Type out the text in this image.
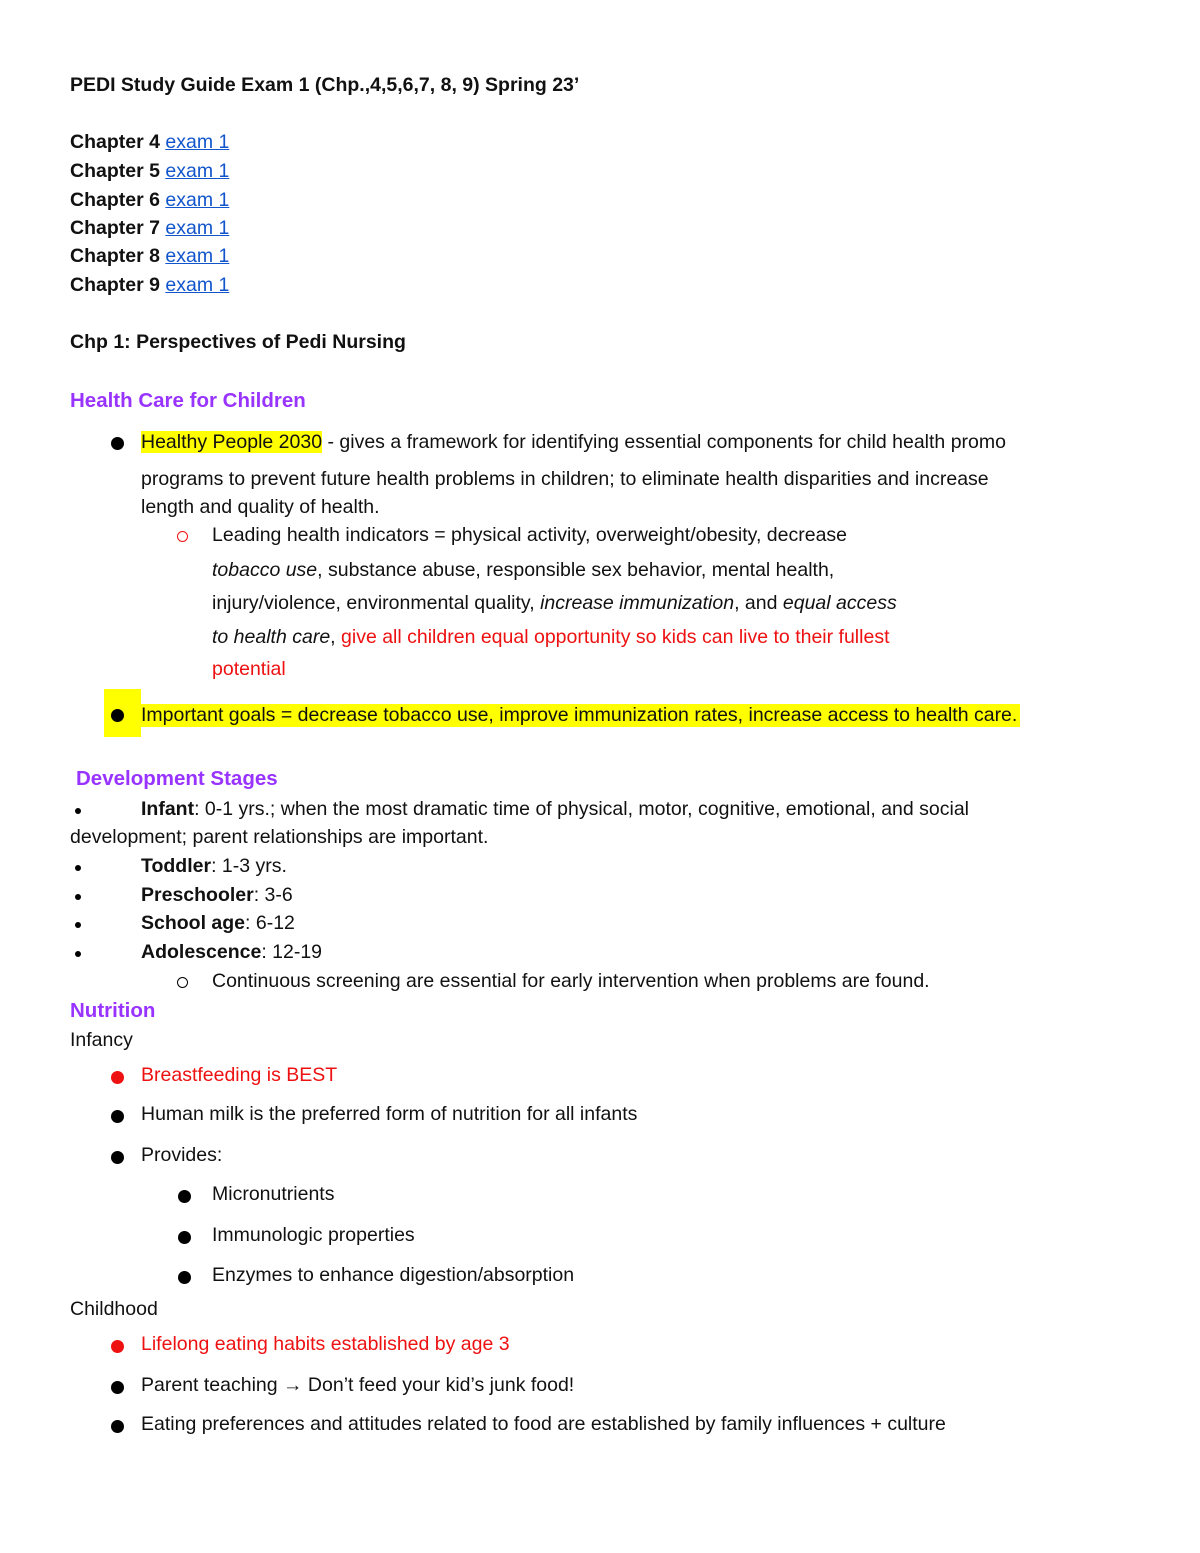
PEDI Study Guide Exam 1 (Chp.,4,5,6,7, 8, 9) Spring 23’
Chapter 4 exam 1
Chapter 5 exam 1
Chapter 6 exam 1
Chapter 7 exam 1
Chapter 8 exam 1
Chapter 9 exam 1
Chp 1: Perspectives of Pedi Nursing
Health Care for Children
Healthy People 2030 - gives a framework for identifying essential components for child health promo
programs to prevent future health problems in children; to eliminate health disparities and increase
length and quality of health.
Leading health indicators = physical activity, overweight/obesity, decrease
tobacco use, substance abuse, responsible sex behavior, mental health,
injury/violence, environmental quality, increase immunization, and equal access
to health care, give all children equal opportunity so kids can live to their fullest
potential
Important goals = decrease tobacco use, improve immunization rates, increase access to health care.
Development Stages
Infant: 0-1 yrs.; when the most dramatic time of physical, motor, cognitive, emotional, and social
development; parent relationships are important.
Toddler: 1-3 yrs.
Preschooler: 3-6
School age: 6-12
Adolescence: 12-19
Continuous screening are essential for early intervention when problems are found.
Nutrition
Infancy
Breastfeeding is BEST
Human milk is the preferred form of nutrition for all infants
Provides:
Micronutrients
Immunologic properties
Enzymes to enhance digestion/absorption
Childhood
Lifelong eating habits established by age 3
Parent teaching → Don’t feed your kid’s junk food!
Eating preferences and attitudes related to food are established by family influences + culture
